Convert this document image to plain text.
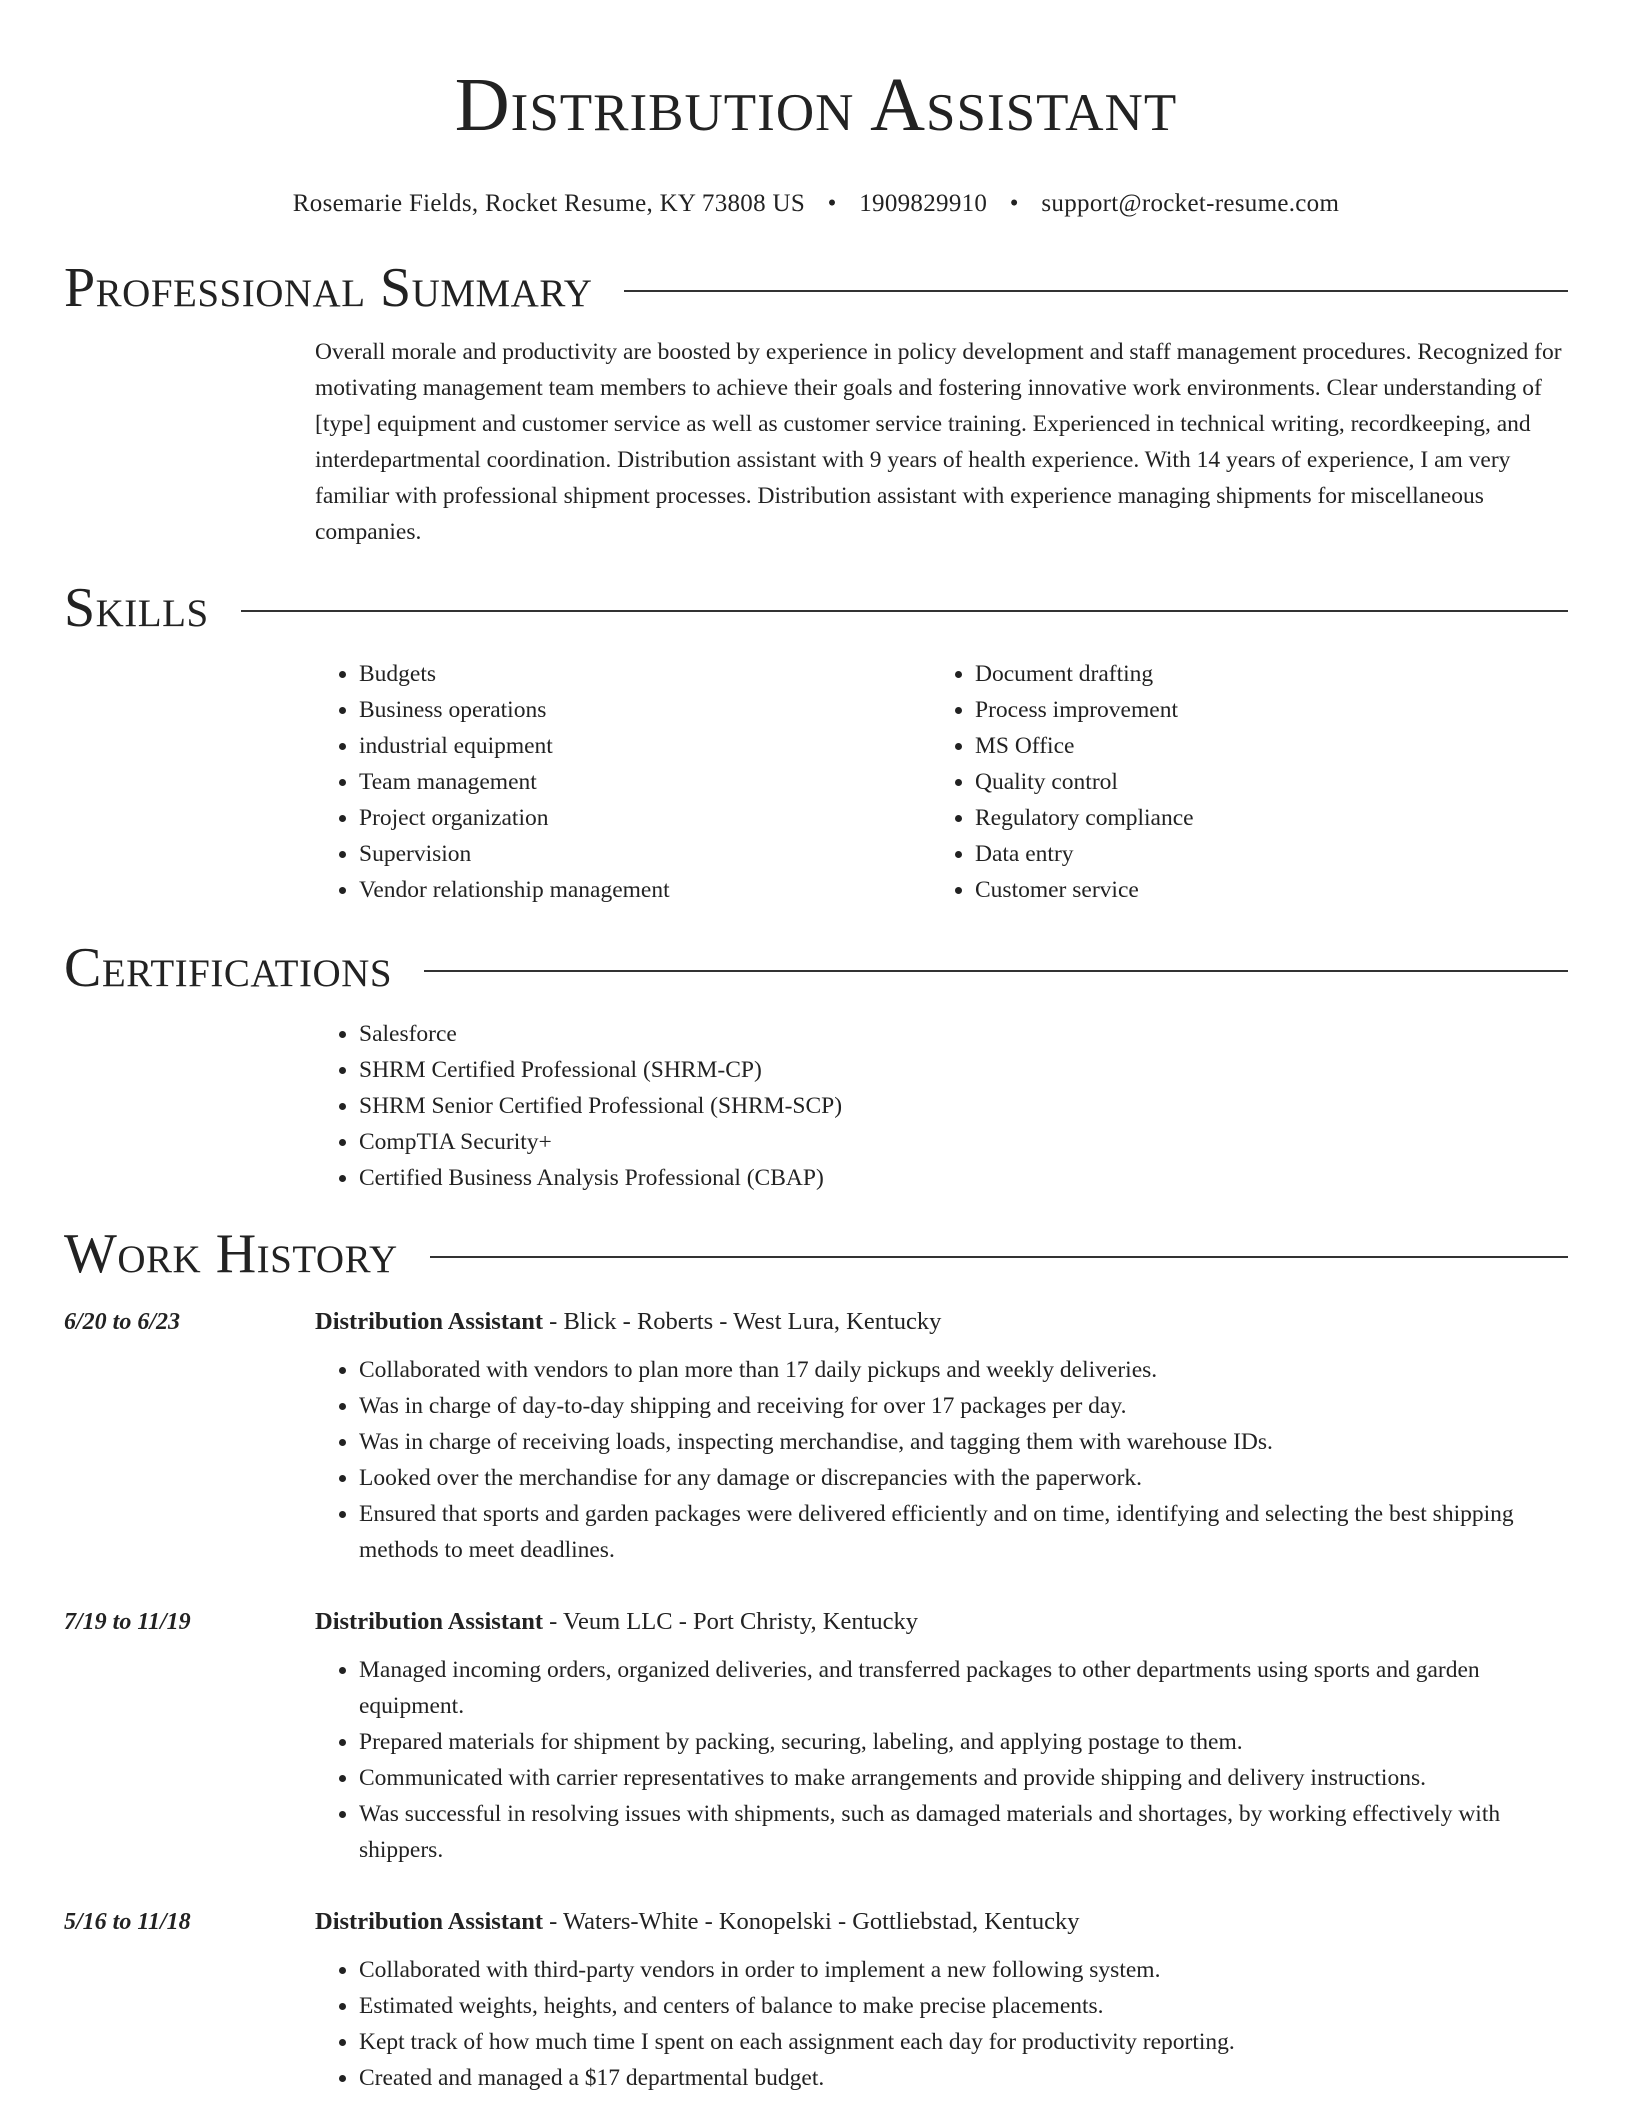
Distribution Assistant
Rosemarie Fields, Rocket Resume, KY 73808 US • 1909829910 • support@rocket-resume.com
Professional Summary
Overall morale and productivity are boosted by experience in policy development and staff management procedures. Recognized for motivating management team members to achieve their goals and fostering innovative work environments. Clear understanding of [type] equipment and customer service as well as customer service training. Experienced in technical writing, recordkeeping, and interdepartmental coordination. Distribution assistant with 9 years of health experience. With 14 years of experience, I am very familiar with professional shipment processes. Distribution assistant with experience managing shipments for miscellaneous companies.
Skills
• Budgets
• Business operations
• industrial equipment
• Team management
• Project organization
• Supervision
• Vendor relationship management
• Document drafting
• Process improvement
• MS Office
• Quality control
• Regulatory compliance
• Data entry
• Customer service
Certifications
• Salesforce
• SHRM Certified Professional (SHRM-CP)
• SHRM Senior Certified Professional (SHRM-SCP)
• CompTIA Security+
• Certified Business Analysis Professional (CBAP)
Work History
6/20 to 6/23	Distribution Assistant - Blick - Roberts - West Lura, Kentucky
• Collaborated with vendors to plan more than 17 daily pickups and weekly deliveries.
• Was in charge of day-to-day shipping and receiving for over 17 packages per day.
• Was in charge of receiving loads, inspecting merchandise, and tagging them with warehouse IDs.
• Looked over the merchandise for any damage or discrepancies with the paperwork.
• Ensured that sports and garden packages were delivered efficiently and on time, identifying and selecting the best shipping methods to meet deadlines.
7/19 to 11/19	Distribution Assistant - Veum LLC - Port Christy, Kentucky
• Managed incoming orders, organized deliveries, and transferred packages to other departments using sports and garden equipment.
• Prepared materials for shipment by packing, securing, labeling, and applying postage to them.
• Communicated with carrier representatives to make arrangements and provide shipping and delivery instructions.
• Was successful in resolving issues with shipments, such as damaged materials and shortages, by working effectively with shippers.
5/16 to 11/18	Distribution Assistant - Waters-White - Konopelski - Gottliebstad, Kentucky
• Collaborated with third-party vendors in order to implement a new following system.
• Estimated weights, heights, and centers of balance to make precise placements.
• Kept track of how much time I spent on each assignment each day for productivity reporting.
• Created and managed a $17 departmental budget.
